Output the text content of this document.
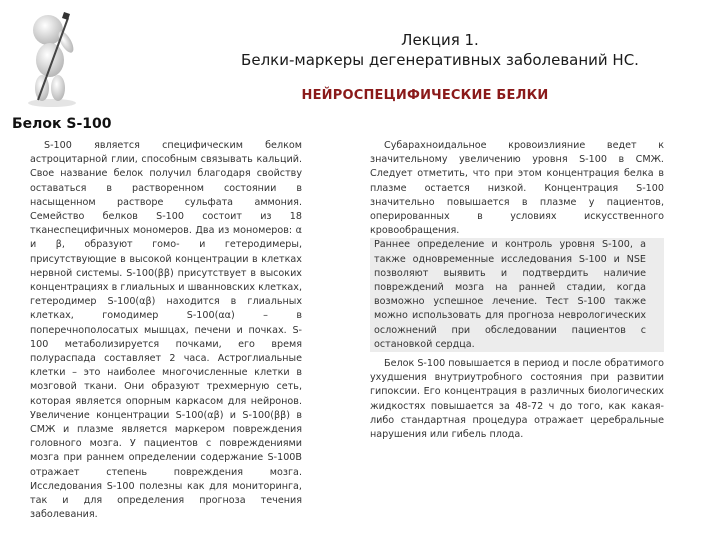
Лекция 1.
Белки-маркеры дегенеративных заболеваний НС.
НЕЙРОСПЕЦИФИЧЕСКИЕ БЕЛКИ
Белок S-100

S-100 является специфическим белком астроцитарной глии, способным связывать кальций. Свое название белок получил благодаря свойству оставаться в растворенном состоянии в насыщенном растворе сульфата аммония. Семейство белков S-100 состоит из 18 тканеспецифичных мономеров. Два из мономеров: α и β, образуют гомо- и гетеродимеры, присутствующие в высокой концентрации в клетках нервной системы. S-100(ββ) присутствует в высоких концентрациях в глиальных и шванновских клетках, гетеродимер S-100(αβ) находится в глиальных клетках, гомодимер S-100(αα) – в поперечнополосатых мышцах, печени и почках. S-100 метаболизируется почками, его время полураспада составляет 2 часа. Астроглиальные клетки – это наиболее многочисленные клетки в мозговой ткани. Они образуют трехмерную сеть, которая является опорным каркасом для нейронов. Увеличение концентрации S-100(αβ) и S-100(ββ) в СМЖ и плазме является маркером повреждения головного мозга. У пациентов с повреждениями мозга при раннем определении содержание S-100B отражает степень повреждения мозга. Исследования S-100 полезны как для мониторинга, так и для определения прогноза течения заболевания.

Субарахноидальное кровоизлияние ведет к значительному увеличению уровня S-100 в СМЖ. Следует отметить, что при этом концентрация белка в плазме остается низкой. Концентрация S-100 значительно повышается в плазме у пациентов, оперированных в условиях искусственного кровообращения.

Раннее определение и контроль уровня S-100, а также одновременные исследования S-100 и NSE позволяют выявить и подтвердить наличие повреждений мозга на ранней стадии, когда возможно успешное лечение. Тест S-100 также можно использовать для прогноза неврологических осложнений при обследовании пациентов с остановкой сердца.

Белок S-100 повышается в период и после обратимого ухудшения внутриутробного состояния при развитии гипоксии. Его концентрация в различных биологических жидкостях повышается за 48-72 ч до того, как какая-либо стандартная процедура отражает церебральные нарушения или гибель плода.
